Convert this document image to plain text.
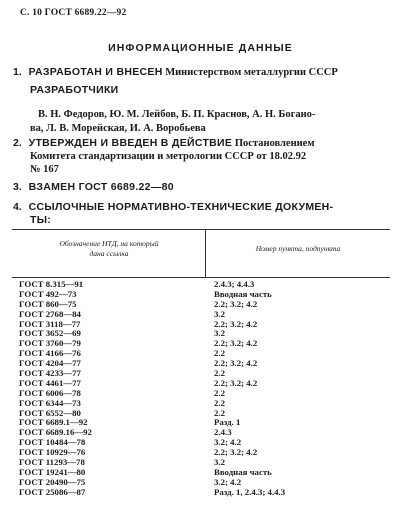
С. 10 ГОСТ 6689.22—92
ИНФОРМАЦИОННЫЕ ДАННЫЕ
1. РАЗРАБОТАН И ВНЕСЕН Министерством металлургии СССР
РАЗРАБОТЧИКИ
В. Н. Федоров, Ю. М. Лейбов, Б. П. Краснов, А. Н. Богано-
ва, Л. В. Морейская, И. А. Воробьева
2. УТВЕРЖДЕН И ВВЕДЕН В ДЕЙСТВИЕ Постановлением
Комитета стандартизации и метрологии СССР от 18.02.92
№ 167
3. ВЗАМЕН ГОСТ 6689.22—80
4. ССЫЛОЧНЫЕ НОРМАТИВНО-ТЕХНИЧЕСКИЕ ДОКУМЕН-
ТЫ:
Обозначение НТД, на который
дана ссылка
Номер пункта, подпункта
ГОСТ 8.315—91	2.4.3; 4.4.3
ГОСТ 492—73	Вводная часть
ГОСТ 860—75	2.2; 3.2; 4.2
ГОСТ 2768—84	3.2
ГОСТ 3118—77	2.2; 3.2; 4.2
ГОСТ 3652—69	3.2
ГОСТ 3760—79	2.2; 3.2; 4.2
ГОСТ 4166—76	2.2
ГОСТ 4204—77	2.2; 3.2; 4.2
ГОСТ 4233—77	2.2
ГОСТ 4461—77	2.2; 3.2; 4.2
ГОСТ 6006—78	2.2
ГОСТ 6344—73	2.2
ГОСТ 6552—80	2.2
ГОСТ 6689.1—92	Разд. 1
ГОСТ 6689.16—92	2.4.3
ГОСТ 10484—78	3.2; 4.2
ГОСТ 10929—76	2.2; 3.2; 4.2
ГОСТ 11293—78	3.2
ГОСТ 19241—80	Вводная часть
ГОСТ 20490—75	3.2; 4.2
ГОСТ 25086—87	Разд. 1, 2.4.3; 4.4.3
